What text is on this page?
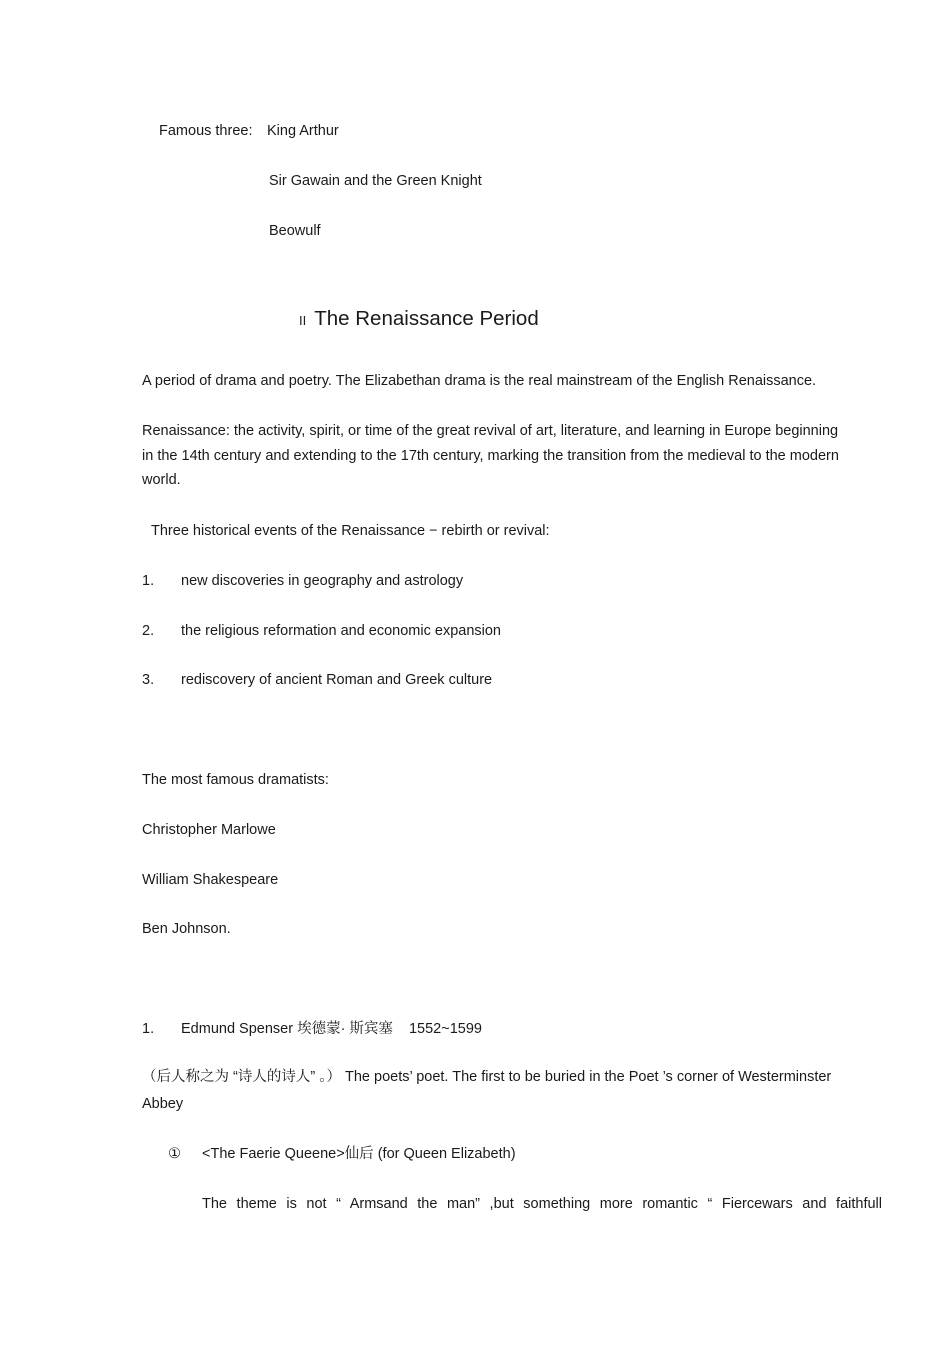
Famous three: King Arthur
Sir Gawain and the Green Knight
Beowulf
II The Renaissance Period
A period of drama and poetry. The Elizabethan drama is the real mainstream of the English Renaissance.
Renaissance: the activity, spirit, or time of the great revival of art, literature, and learning in Europe beginning
in the 14th century and extending to the 17th century, marking the transition from the medieval to the modern
world.
Three historical events of the Renaissance − rebirth or revival:
1. new discoveries in geography and astrology
2. the religious reformation and economic expansion
3. rediscovery of ancient Roman and Greek culture
The most famous dramatists:
Christopher Marlowe
William Shakespeare
Ben Johnson.
1. Edmund Spenser 埃德蒙· 斯宾塞 1552~1599
（后人称之为 “诗人的诗人” 。） The poets’ poet. The first to be buried in the Poet ’s corner of Westerminster
Abbey
① <The Faerie Queene>仙后 (for Queen Elizabeth)
The theme is not “ Armsand the man” ,but something more romantic “ Fiercewars and faithfull
